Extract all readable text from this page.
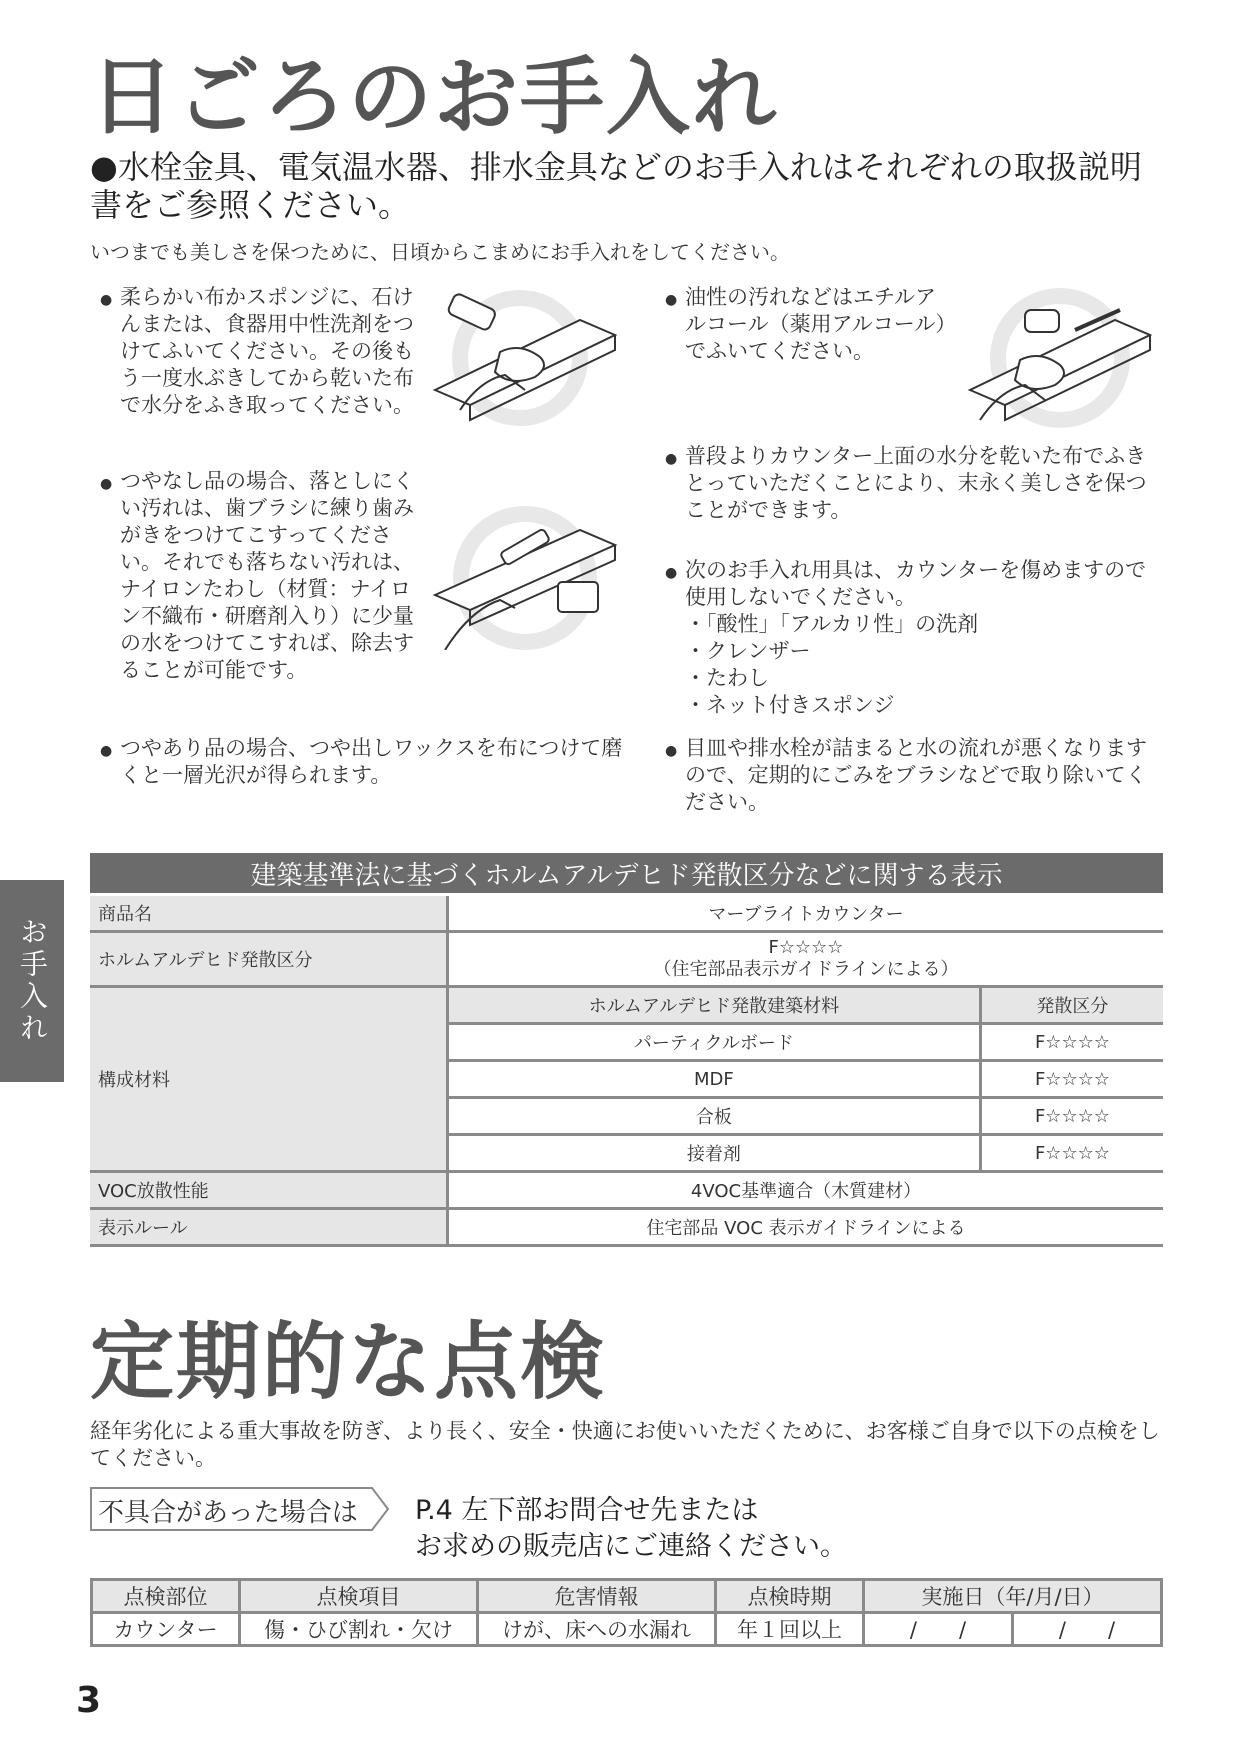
日ごろのお手入れ
●水栓金具、電気温水器、排水金具などのお手入れはそれぞれの取扱説明書をご参照ください。
いつまでも美しさを保つために、日頃からこまめにお手入れをしてください。
● 柔らかい布かスポンジに、石けんまたは、食器用中性洗剤をつけてふいてください。その後もう一度水ぶきしてから乾いた布で水分をふき取ってください。
● つやなし品の場合、落としにくい汚れは、歯ブラシに練り歯みがきをつけてこすってください。それでも落ちない汚れは、ナイロンたわし（材質：ナイロン不織布・研磨剤入り）に少量の水をつけてこすれば、除去することが可能です。
● つやあり品の場合、つや出しワックスを布につけて磨くと一層光沢が得られます。
● 油性の汚れなどはエチルアルコール（薬用アルコール）でふいてください。
● 普段よりカウンター上面の水分を乾いた布でふきとっていただくことにより、末永く美しさを保つことができます。
● 次のお手入れ用具は、カウンターを傷めますので使用しないでください。
・「酸性」「アルカリ性」の洗剤
・クレンザー
・たわし
・ネット付きスポンジ
● 目皿や排水栓が詰まると水の流れが悪くなりますので、定期的にごみをブラシなどで取り除いてください。
お手入れ
建築基準法に基づくホルムアルデヒド発散区分などに関する表示		
商品名	マーブライトカウンター	
ホルムアルデヒド発散区分	F☆☆☆☆
（住宅部品表示ガイドラインによる）	
構成材料	ホルムアルデヒド発散建築材料	発散区分
	パーティクルボード	F☆☆☆☆
	MDF	F☆☆☆☆
	合板	F☆☆☆☆
	接着剤	F☆☆☆☆
VOC放散性能	4VOC基準適合（木質建材）	
表示ルール	住宅部品 VOC 表示ガイドラインによる	
定期的な点検
経年劣化による重大事故を防ぎ、より長く、安全・快適にお使いいただくために、お客様ご自身で以下の点検をしてください。
不具合があった場合は P.4 左下部お問合せ先または
お求めの販売店にご連絡ください。
点検部位	点検項目	危害情報	点検時期	実施日（年/月/日）	
カウンター	傷・ひび割れ・欠け	けが、床への水漏れ	年１回以上	/　　/	/　　/
3
